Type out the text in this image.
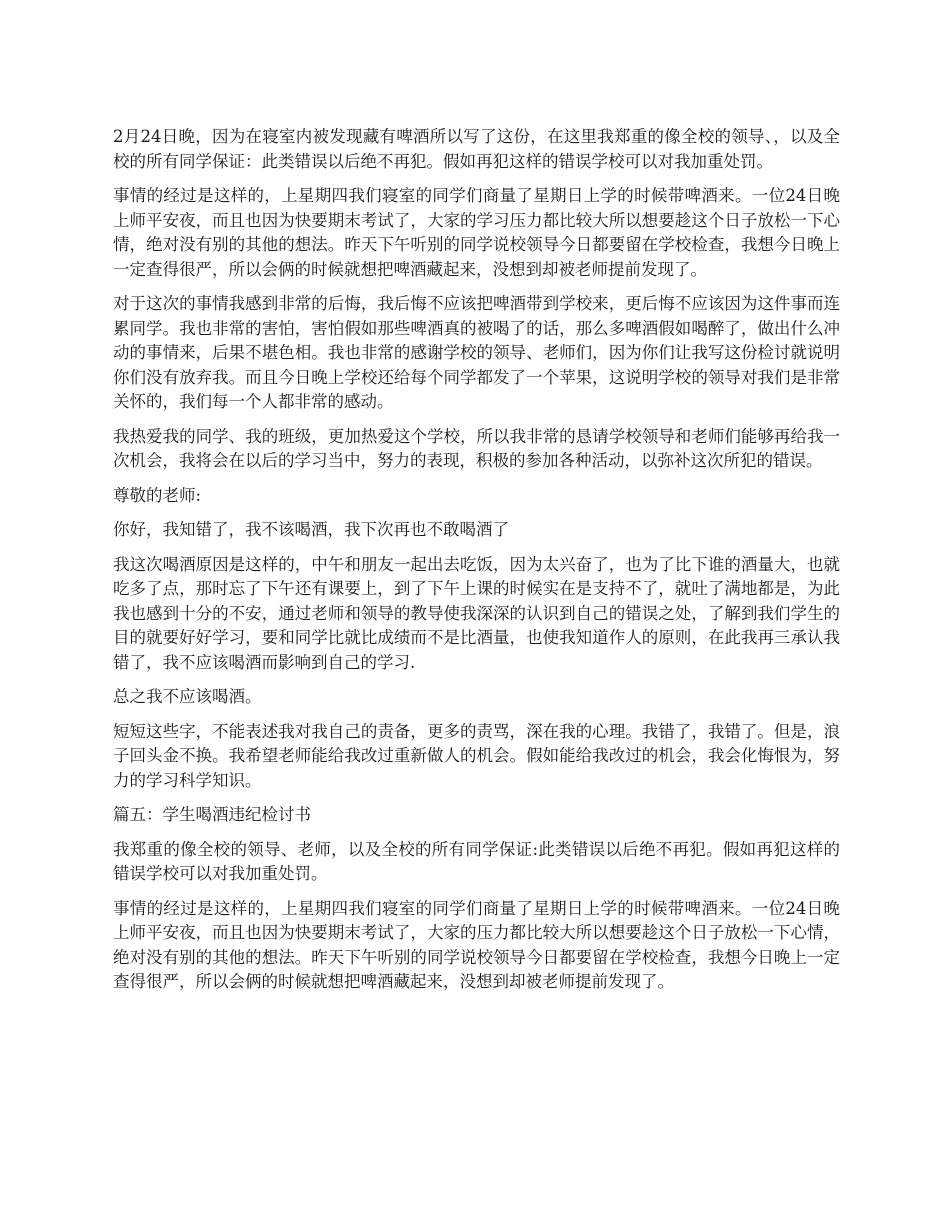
2月24日晚，因为在寝室内被发现藏有啤酒所以写了这份，在这里我郑重的像全校的领导、，以及全校的所有同学保证：此类错误以后绝不再犯。假如再犯这样的错误学校可以对我加重处罚。

事情的经过是这样的，上星期四我们寝室的同学们商量了星期日上学的时候带啤酒来。一位24日晚上师平安夜，而且也因为快要期末考试了，大家的学习压力都比较大所以想要趁这个日子放松一下心情，绝对没有别的其他的想法。昨天下午听别的同学说校领导今日都要留在学校检查，我想今日晚上一定查得很严，所以会俩的时候就想把啤酒藏起来，没想到却被老师提前发现了。

对于这次的事情我感到非常的后悔，我后悔不应该把啤酒带到学校来，更后悔不应该因为这件事而连累同学。我也非常的害怕，害怕假如那些啤酒真的被喝了的话，那么多啤酒假如喝醉了，做出什么冲动的事情来，后果不堪色相。我也非常的感谢学校的领导、老师们，因为你们让我写这份检讨就说明你们没有放弃我。而且今日晚上学校还给每个同学都发了一个苹果，这说明学校的领导对我们是非常关怀的，我们每一个人都非常的感动。

我热爱我的同学、我的班级，更加热爱这个学校，所以我非常的恳请学校领导和老师们能够再给我一次机会，我将会在以后的学习当中，努力的表现，积极的参加各种活动，以弥补这次所犯的错误。

尊敬的老师:

你好，我知错了，我不该喝酒，我下次再也不敢喝酒了

我这次喝酒原因是这样的，中午和朋友一起出去吃饭，因为太兴奋了，也为了比下谁的酒量大，也就吃多了点，那时忘了下午还有课要上，到了下午上课的时候实在是支持不了，就吐了满地都是，为此我也感到十分的不安，通过老师和领导的教导使我深深的认识到自己的错误之处，了解到我们学生的目的就要好好学习，要和同学比就比成绩而不是比酒量，也使我知道作人的原则，在此我再三承认我错了，我不应该喝酒而影响到自己的学习.

总之我不应该喝酒。

短短这些字，不能表述我对我自己的责备，更多的责骂，深在我的心理。我错了，我错了。但是，浪子回头金不换。我希望老师能给我改过重新做人的机会。假如能给我改过的机会，我会化悔恨为，努力的学习科学知识。

篇五：学生喝酒违纪检讨书

我郑重的像全校的领导、老师，以及全校的所有同学保证:此类错误以后绝不再犯。假如再犯这样的错误学校可以对我加重处罚。

事情的经过是这样的，上星期四我们寝室的同学们商量了星期日上学的时候带啤酒来。一位24日晚上师平安夜，而且也因为快要期末考试了，大家的压力都比较大所以想要趁这个日子放松一下心情，绝对没有别的其他的想法。昨天下午听别的同学说校领导今日都要留在学校检查，我想今日晚上一定查得很严，所以会俩的时候就想把啤酒藏起来，没想到却被老师提前发现了。
